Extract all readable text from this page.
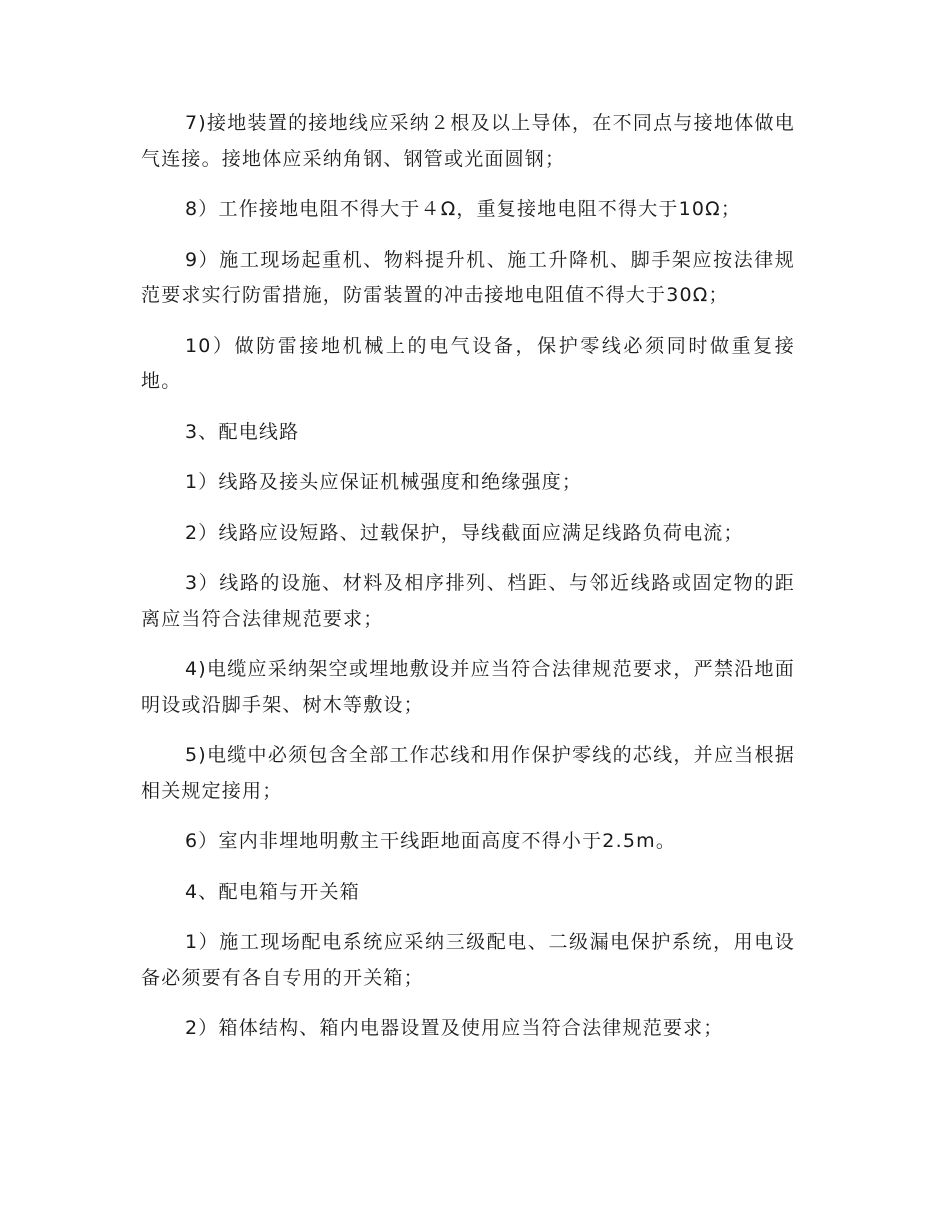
7)接地装置的接地线应采纳２根及以上导体，在不同点与接地体做电气连接。接地体应采纳角钢、钢管或光面圆钢；

8）工作接地电阻不得大于４Ω，重复接地电阻不得大于10Ω；

9）施工现场起重机、物料提升机、施工升降机、脚手架应按法律规范要求实行防雷措施，防雷装置的冲击接地电阻值不得大于30Ω；

10）做防雷接地机械上的电气设备，保护零线必须同时做重复接地。

3、配电线路

1）线路及接头应保证机械强度和绝缘强度；

2）线路应设短路、过载保护，导线截面应满足线路负荷电流；

3）线路的设施、材料及相序排列、档距、与邻近线路或固定物的距离应当符合法律规范要求；

4)电缆应采纳架空或埋地敷设并应当符合法律规范要求，严禁沿地面明设或沿脚手架、树木等敷设；

5)电缆中必须包含全部工作芯线和用作保护零线的芯线，并应当根据相关规定接用；

6）室内非埋地明敷主干线距地面高度不得小于2.5m。

4、配电箱与开关箱

1）施工现场配电系统应采纳三级配电、二级漏电保护系统，用电设备必须要有各自专用的开关箱；

2）箱体结构、箱内电器设置及使用应当符合法律规范要求；
